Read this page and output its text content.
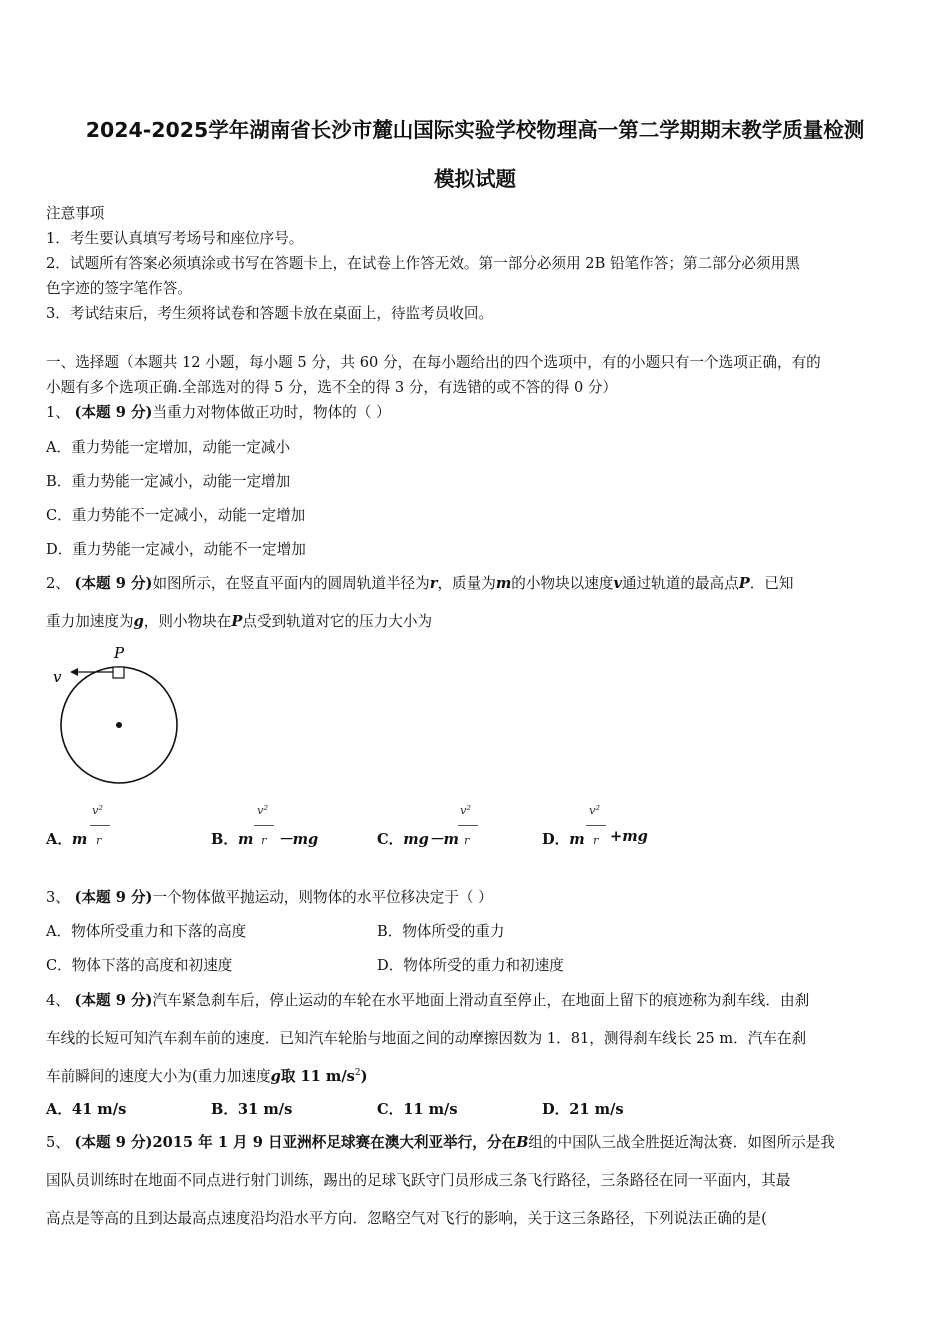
2024-2025学年湖南省长沙市麓山国际实验学校物理高一第二学期期末教学质量检测
模拟试题
注意事项
1．考生要认真填写考场号和座位序号。
2．试题所有答案必须填涂或书写在答题卡上，在试卷上作答无效。第一部分必须用 2B 铅笔作答；第二部分必须用黑
色字迹的签字笔作答。
3．考试结束后，考生须将试卷和答题卡放在桌面上，待监考员收回。
一、选择题（本题共 12 小题，每小题 5 分，共 60 分，在每小题给出的四个选项中，有的小题只有一个选项正确，有的
小题有多个选项正确.全部选对的得 5 分，选不全的得 3 分，有选错的或不答的得 0 分）
1、 (本题 9 分)当重力对物体做正功时，物体的（ ）
A．重力势能一定增加，动能一定减小
B．重力势能一定减小，动能一定增加
C．重力势能不一定减小，动能一定增加
D．重力势能一定减小，动能不一定增加
2、 (本题 9 分)如图所示，在竖直平面内的圆周轨道半径为r，质量为m的小物块以速度v通过轨道的最高点P．已知
重力加速度为g，则小物块在P点受到轨道对它的压力大小为
v
P
A．m
v²
r	B．m
v²
r －mg	C．mg－m
v²
r	D．m
v²
r +mg
3、 (本题 9 分)一个物体做平抛运动，则物体的水平位移决定于（ ）
A．物体所受重力和下落的高度	B．物体所受的重力
C．物体下落的高度和初速度	D．物体所受的重力和初速度
4、 (本题 9 分)汽车紧急刹车后，停止运动的车轮在水平地面上滑动直至停止，在地面上留下的痕迹称为刹车线．由刹
车线的长短可知汽车刹车前的速度．已知汽车轮胎与地面之间的动摩擦因数为 1．81，测得刹车线长 25 m．汽车在刹
车前瞬间的速度大小为(重力加速度g取 11 $m/s^2$)
A．41 m/s	B．31 m/s	C．11 m/s	D．21 m/s
5、 (本题 9 分)2015 年 1 月 9 日亚洲杯足球赛在澳大利亚举行，分在B组的中国队三战全胜挺近淘汰赛．如图所示是我
国队员训练时在地面不同点进行射门训练，踢出的足球飞跃守门员形成三条飞行路径，三条路径在同一平面内，其最
高点是等高的且到达最高点速度沿均沿水平方向．忽略空气对飞行的影响，关于这三条路径，下列说法正确的是(
